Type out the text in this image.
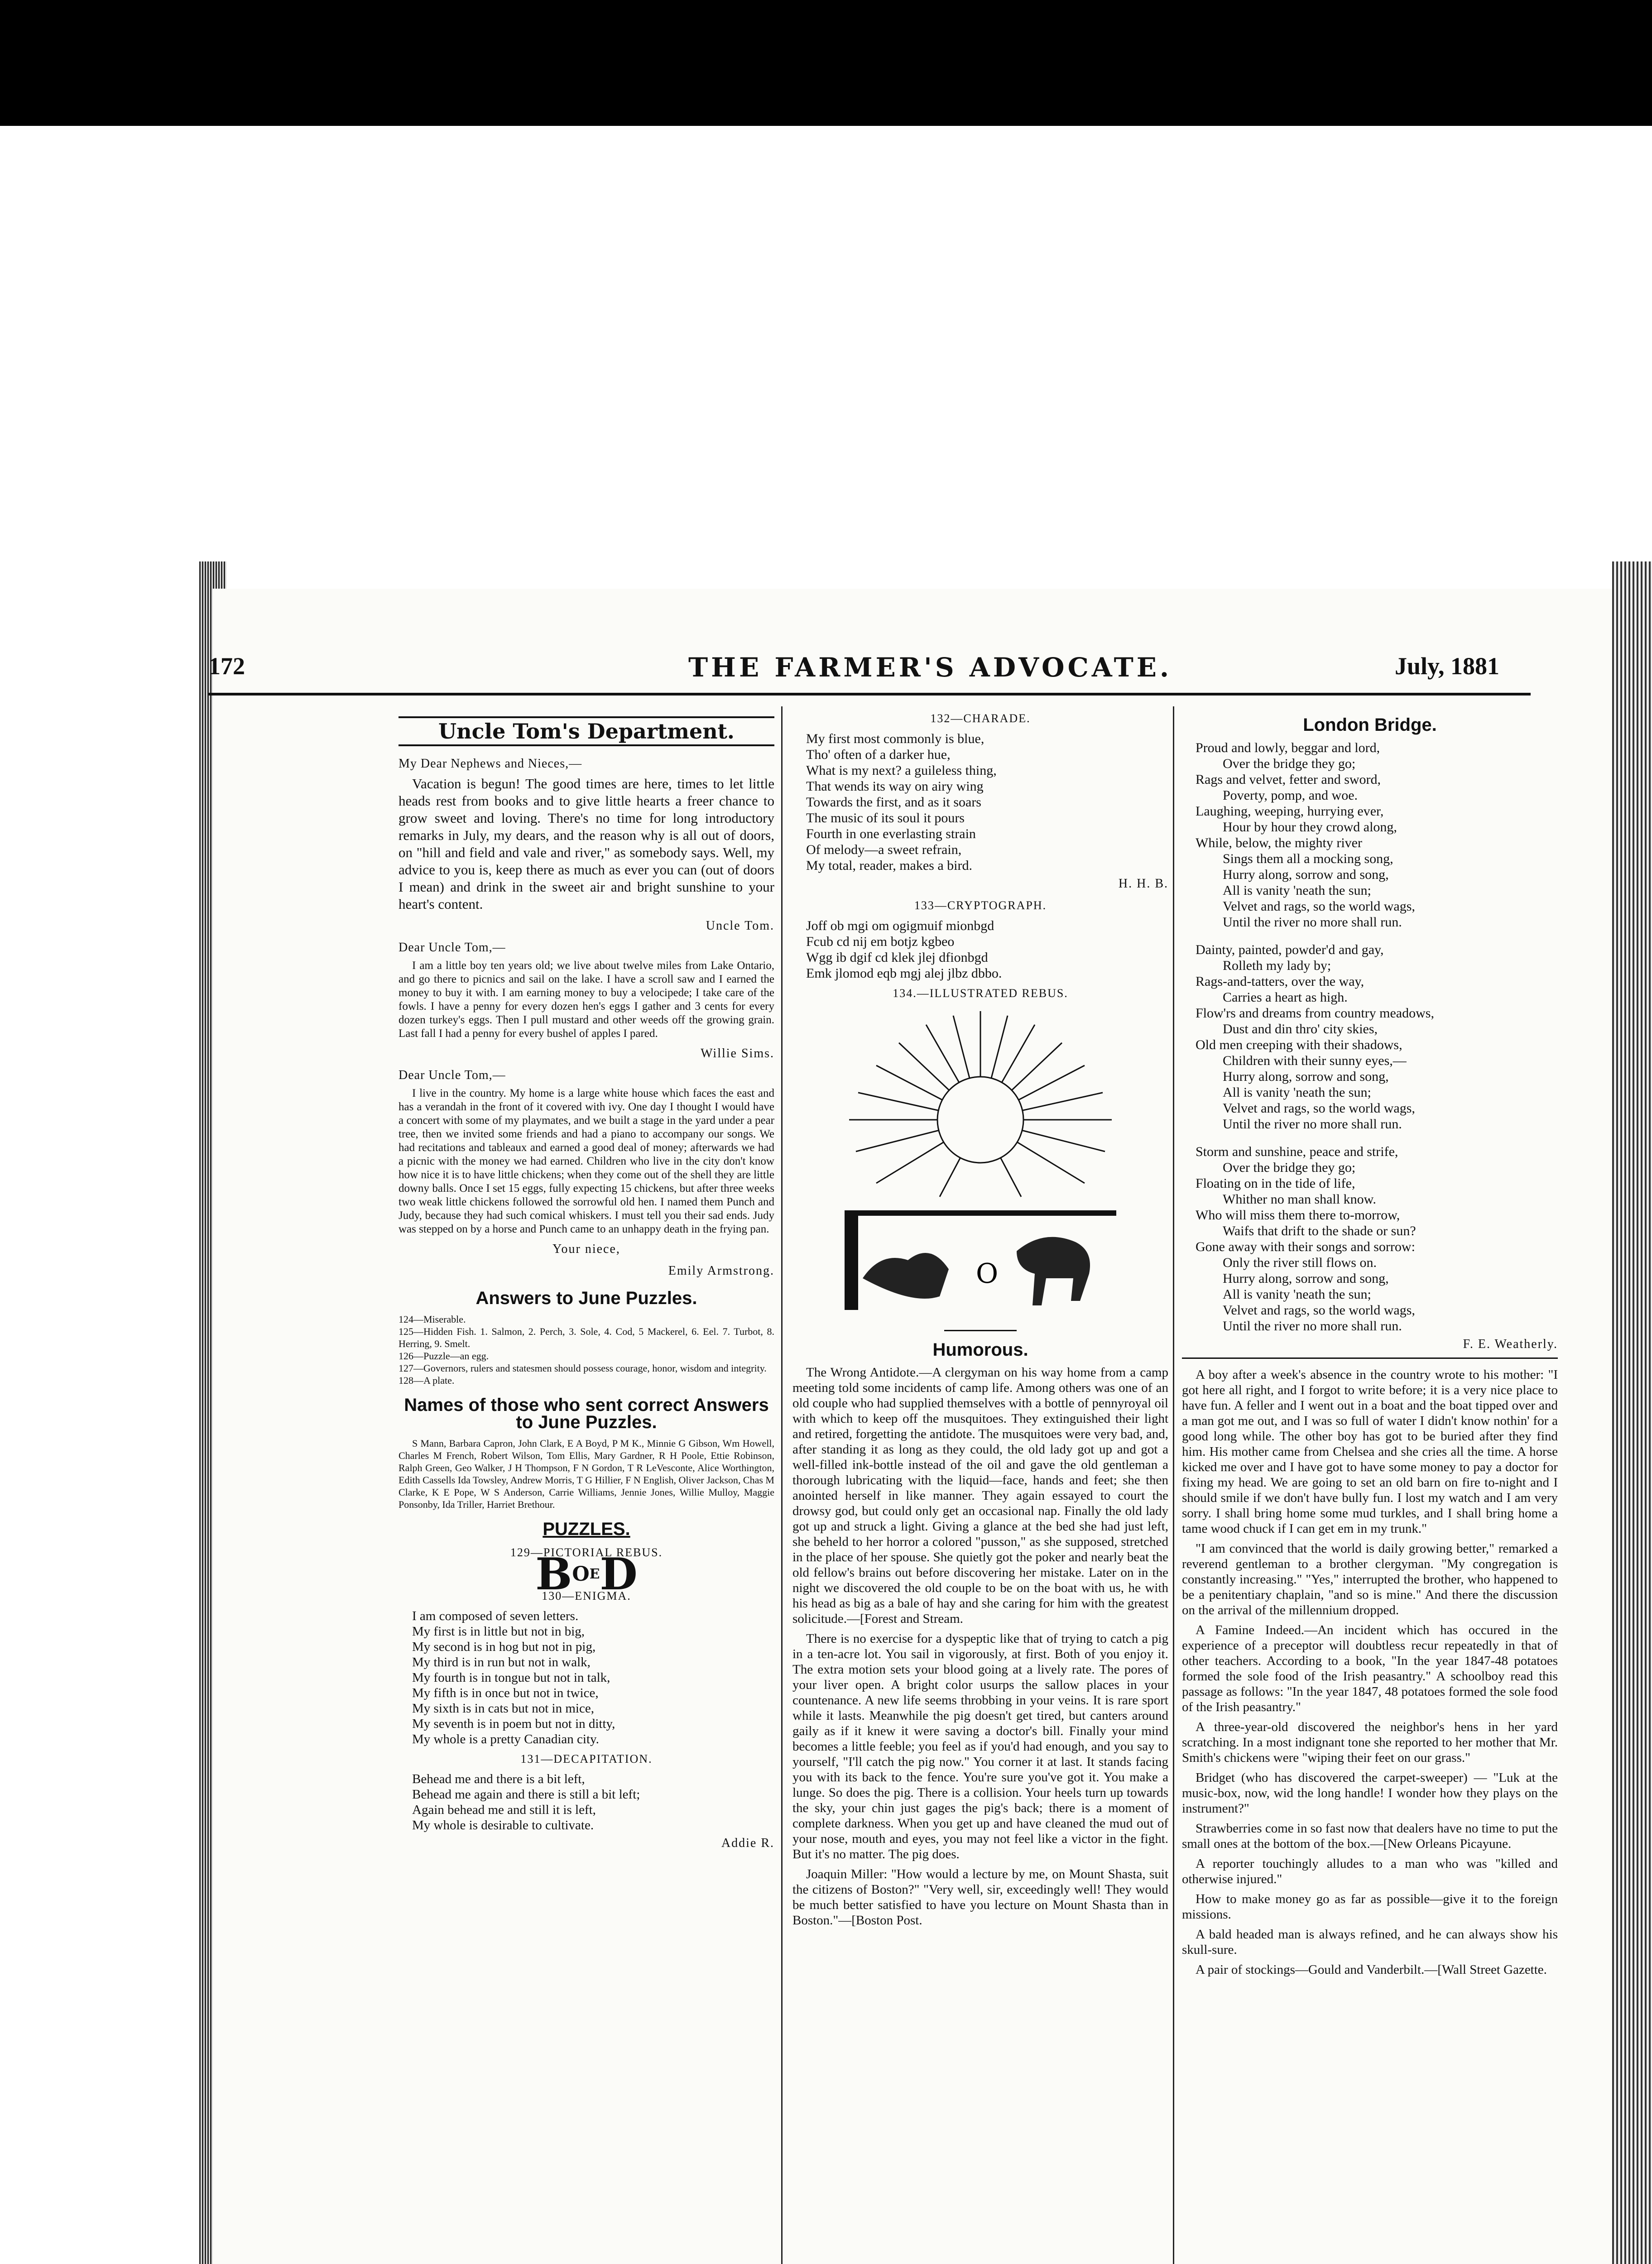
172	THE FARMER'S ADVOCATE.	July, 1881
Uncle Tom's Department.
My Dear Nephews and Nieces,—

Vacation is begun! The good times are here, times to let little heads rest from books and to give little hearts a freer chance to grow sweet and loving. There's no time for long introductory remarks in July, my dears, and the reason why is all out of doors, on "hill and field and vale and river," as somebody says. Well, my advice to you is, keep there as much as ever you can (out of doors I mean) and drink in the sweet air and bright sunshine to your heart's content.

Uncle Tom.
Dear Uncle Tom,—

I am a little boy ten years old; we live about twelve miles from Lake Ontario, and go there to picnics and sail on the lake. I have a scroll saw and I earned the money to buy it with. I am earning money to buy a velocipede; I take care of the fowls. I have a penny for every dozen hen's eggs I gather and 3 cents for every dozen turkey's eggs. Then I pull mustard and other weeds off the growing grain. Last fall I had a penny for every bushel of apples I pared.

Willie Sims.
Dear Uncle Tom,—

I live in the country. My home is a large white house which faces the east and has a verandah in the front of it covered with ivy. One day I thought I would have a concert with some of my playmates, and we built a stage in the yard under a pear tree, then we invited some friends and had a piano to accompany our songs. We had recitations and tableaux and earned a good deal of money; afterwards we had a picnic with the money we had earned. Children who live in the city don't know how nice it is to have little chickens; when they come out of the shell they are little downy balls. Once I set 15 eggs, fully expecting 15 chickens, but after three weeks two weak little chickens followed the sorrowful old hen. I named them Punch and Judy, because they had such comical whiskers. I must tell you their sad ends. Judy was stepped on by a horse and Punch came to an unhappy death in the frying pan.

Your niece,
Emily Armstrong.
Answers to June Puzzles.
124—Miserable.
125—Hidden Fish. 1. Salmon, 2. Perch, 3. Sole, 4. Cod, 5 Mackerel, 6. Eel. 7. Turbot, 8. Herring, 9. Smelt.
126—Puzzle—an egg.
127—Governors, rulers and statesmen should possess courage, honor, wisdom and integrity.
128—A plate.
Names of those who sent correct Answers to June Puzzles.

S Mann, Barbara Capron, John Clark, E A Boyd, P M K., Minnie G Gibson, Wm Howell, Charles M French, Robert Wilson, Tom Ellis, Mary Gardner, R H Poole, Ettie Robinson, Ralph Green, Geo Walker, J H Thompson, F N Gordon, T R LeVesconte, Alice Worthington, Edith Cassells Ida Towsley, Andrew Morris, T G Hillier, F N English, Oliver Jackson, Chas M Clarke, K E Pope, W S Anderson, Carrie Williams, Jennie Jones, Willie Mulloy, Maggie Ponsonby, Ida Triller, Harriet Brethour.

PUZZLES.
129—PICTORIAL REBUS.
$B^OED$
130—ENIGMA.
I am composed of seven letters.
My first is in little but not in big,
My second is in hog but not in pig,
My third is in run but not in walk,
My fourth is in tongue but not in talk,
My fifth is in once but not in twice,
My sixth is in cats but not in mice,
My seventh is in poem but not in ditty,
My whole is a pretty Canadian city.
131—DECAPITATION.
Behead me and there is a bit left,
Behead me again and there is still a bit left;
Again behead me and still it is left,
My whole is desirable to cultivate.
Addie R.
132—CHARADE.
My first most commonly is blue,
Tho' often of a darker hue,
What is my next? a guileless thing,
That wends its way on airy wing
Towards the first, and as it soars
The music of its soul it pours
Fourth in one everlasting strain
Of melody—a sweet refrain,
My total, reader, makes a bird.
H. H. B.
133—CRYPTOGRAPH.
Joff ob mgi om ogigmuif mionbgd
Fcub cd nij em botjz kgbeo
Wgg ib dgif cd klek jlej dfionbgd
Emk jlomod eqb mgj alej jlbz dbbo.
134.—ILLUSTRATED REBUS.
O
Humorous.

The Wrong Antidote.—A clergyman on his way home from a camp meeting told some incidents of camp life. Among others was one of an old couple who had supplied themselves with a bottle of pennyroyal oil with which to keep off the musquitoes. They extinguished their light and retired, forgetting the antidote. The musquitoes were very bad, and, after standing it as long as they could, the old lady got up and got a well-filled ink-bottle instead of the oil and gave the old gentleman a thorough lubricating with the liquid—face, hands and feet; she then anointed herself in like manner. They again essayed to court the drowsy god, but could only get an occasional nap. Finally the old lady got up and struck a light. Giving a glance at the bed she had just left, she beheld to her horror a colored "pusson," as she supposed, stretched in the place of her spouse. She quietly got the poker and nearly beat the old fellow's brains out before discovering her mistake. Later on in the night we discovered the old couple to be on the boat with us, he with his head as big as a bale of hay and she caring for him with the greatest solicitude.—[Forest and Stream.

There is no exercise for a dyspeptic like that of trying to catch a pig in a ten-acre lot. You sail in vigorously, at first. Both of you enjoy it. The extra motion sets your blood going at a lively rate. The pores of your liver open. A bright color usurps the sallow places in your countenance. A new life seems throbbing in your veins. It is rare sport while it lasts. Meanwhile the pig doesn't get tired, but canters around gaily as if it knew it were saving a doctor's bill. Finally your mind becomes a little feeble; you feel as if you'd had enough, and you say to yourself, "I'll catch the pig now." You corner it at last. It stands facing you with its back to the fence. You're sure you've got it. You make a lunge. So does the pig. There is a collision. Your heels turn up towards the sky, your chin just gages the pig's back; there is a moment of complete darkness. When you get up and have cleaned the mud out of your nose, mouth and eyes, you may not feel like a victor in the fight. But it's no matter. The pig does.

Joaquin Miller: "How would a lecture by me, on Mount Shasta, suit the citizens of Boston?" "Very well, sir, exceedingly well! They would be much better satisfied to have you lecture on Mount Shasta than in Boston."—[Boston Post.

London Bridge.
Proud and lowly, beggar and lord,
Over the bridge they go;
Rags and velvet, fetter and sword,
Poverty, pomp, and woe.
Laughing, weeping, hurrying ever,
Hour by hour they crowd along,
While, below, the mighty river
Sings them all a mocking song,
Hurry along, sorrow and song,
All is vanity 'neath the sun;
Velvet and rags, so the world wags,
Until the river no more shall run.
Dainty, painted, powder'd and gay,
Rolleth my lady by;
Rags-and-tatters, over the way,
Carries a heart as high.
Flow'rs and dreams from country meadows,
Dust and din thro' city skies,
Old men creeping with their shadows,
Children with their sunny eyes,—
Hurry along, sorrow and song,
All is vanity 'neath the sun;
Velvet and rags, so the world wags,
Until the river no more shall run.
Storm and sunshine, peace and strife,
Over the bridge they go;
Floating on in the tide of life,
Whither no man shall know.
Who will miss them there to-morrow,
Waifs that drift to the shade or sun?
Gone away with their songs and sorrow:
Only the river still flows on.
Hurry along, sorrow and song,
All is vanity 'neath the sun;
Velvet and rags, so the world wags,
Until the river no more shall run.
F. E. Weatherly.

A boy after a week's absence in the country wrote to his mother: "I got here all right, and I forgot to write before; it is a very nice place to have fun. A feller and I went out in a boat and the boat tipped over and a man got me out, and I was so full of water I didn't know nothin' for a good long while. The other boy has got to be buried after they find him. His mother came from Chelsea and she cries all the time. A horse kicked me over and I have got to have some money to pay a doctor for fixing my head. We are going to set an old barn on fire to-night and I should smile if we don't have bully fun. I lost my watch and I am very sorry. I shall bring home some mud turkles, and I shall bring home a tame wood chuck if I can get em in my trunk."

"I am convinced that the world is daily growing better," remarked a reverend gentleman to a brother clergyman. "My congregation is constantly increasing." "Yes," interrupted the brother, who happened to be a penitentiary chaplain, "and so is mine." And there the discussion on the arrival of the millennium dropped.

A Famine Indeed.—An incident which has occured in the experience of a preceptor will doubtless recur repeatedly in that of other teachers. According to a book, "In the year 1847-48 potatoes formed the sole food of the Irish peasantry." A schoolboy read this passage as follows: "In the year 1847, 48 potatoes formed the sole food of the Irish peasantry."

A three-year-old discovered the neighbor's hens in her yard scratching. In a most indignant tone she reported to her mother that Mr. Smith's chickens were "wiping their feet on our grass."

Bridget (who has discovered the carpet-sweeper) — "Luk at the music-box, now, wid the long handle! I wonder how they plays on the instrument?"

Strawberries come in so fast now that dealers have no time to put the small ones at the bottom of the box.—[New Orleans Picayune.

A reporter touchingly alludes to a man who was "killed and otherwise injured."

How to make money go as far as possible—give it to the foreign missions.

A bald headed man is always refined, and he can always show his skull-sure.

A pair of stockings—Gould and Vanderbilt.—[Wall Street Gazette.
